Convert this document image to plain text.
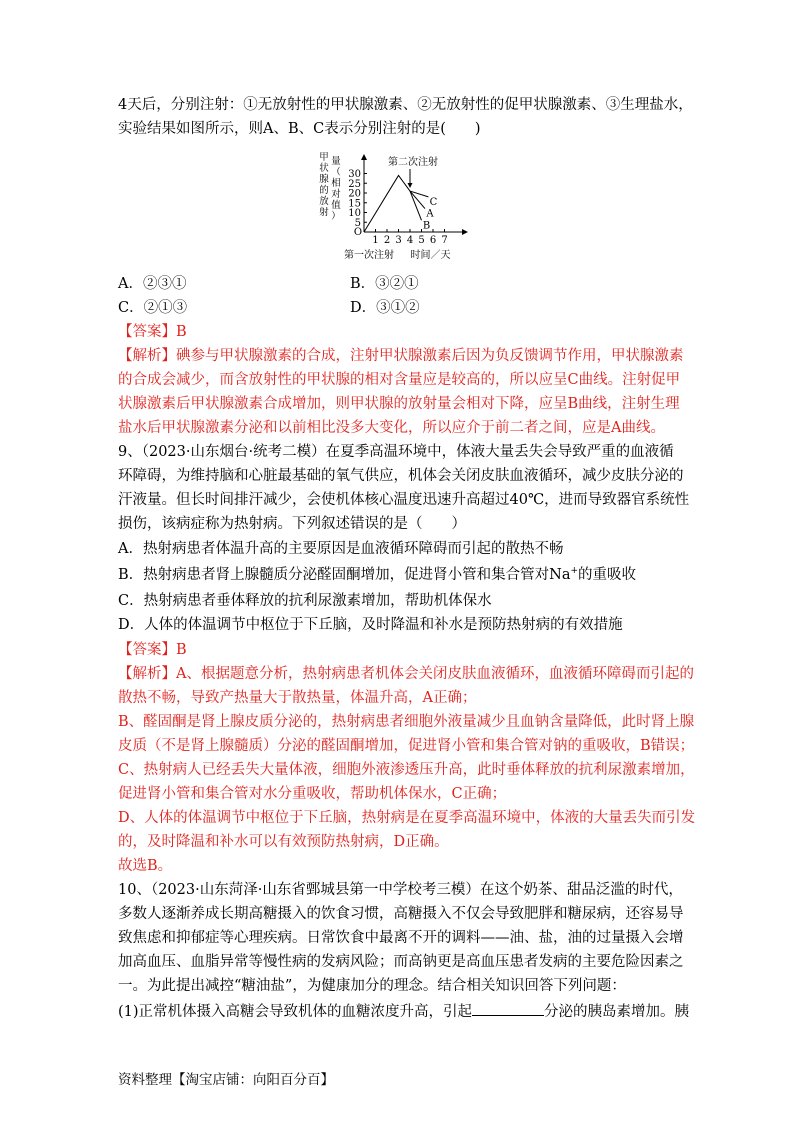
4天后，分别注射：①无放射性的甲状腺激素、②无放射性的促甲状腺激素、③生理盐水，
实验结果如图所示，则A、B、C表示分别注射的是(　　)
5
10
15
20
25
30
1 2 3 4 5 6 7
O
甲
状
腺
的
放
射
量
（
相
对
值
）	A
B
C
第二次注射
第一次注射 时间／天
A．②③①	B．③②①
C．②①③	D．③①②
【答案】B
【解析】碘参与甲状腺激素的合成，注射甲状腺激素后因为负反馈调节作用，甲状腺激素
的合成会减少，而含放射性的甲状腺的相对含量应是较高的，所以应呈C曲线。注射促甲
状腺激素后甲状腺激素合成增加，则甲状腺的放射量会相对下降，应呈B曲线，注射生理
盐水后甲状腺激素分泌和以前相比没多大变化，所以应介于前二者之间，应是A曲线。
9、（2023·山东烟台·统考二模）在夏季高温环境中，体液大量丢失会导致严重的血液循
环障碍，为维持脑和心脏最基础的氧气供应，机体会关闭皮肤血液循环，减少皮肤分泌的
汗液量。但长时间排汗减少，会使机体核心温度迅速升高超过40℃，进而导致器官系统性
损伤，该病症称为热射病。下列叙述错误的是（　　）
A．热射病患者体温升高的主要原因是血液循环障碍而引起的散热不畅
B．热射病患者肾上腺髓质分泌醛固酮增加，促进肾小管和集合管对Na+的重吸收
C．热射病患者垂体释放的抗利尿激素增加，帮助机体保水
D．人体的体温调节中枢位于下丘脑，及时降温和补水是预防热射病的有效措施
【答案】B
【解析】A、根据题意分析，热射病患者机体会关闭皮肤血液循环，血液循环障碍而引起的
散热不畅，导致产热量大于散热量，体温升高，A正确；
B、醛固酮是肾上腺皮质分泌的，热射病患者细胞外液量减少且血钠含量降低，此时肾上腺
皮质（不是肾上腺髓质）分泌的醛固酮增加，促进肾小管和集合管对钠的重吸收，B错误；
C、热射病人已经丢失大量体液，细胞外液渗透压升高，此时垂体释放的抗利尿激素增加，
促进肾小管和集合管对水分重吸收，帮助机体保水，C正确；
D、人体的体温调节中枢位于下丘脑，热射病是在夏季高温环境中，体液的大量丢失而引发
的，及时降温和补水可以有效预防热射病，D正确。
故选B。
10、（2023·山东菏泽·山东省鄄城县第一中学校考三模）在这个奶茶、甜品泛滥的时代，
多数人逐渐养成长期高糖摄入的饮食习惯，高糖摄入不仅会导致肥胖和糖尿病，还容易导
致焦虑和抑郁症等心理疾病。日常饮食中最离不开的调料——油、盐，油的过量摄入会增
加高血压、血脂异常等慢性病的发病风险；而高钠更是高血压患者发病的主要危险因素之
一。为此提出减控“糖油盐”，为健康加分的理念。结合相关知识回答下列问题：
(1)正常机体摄入高糖会导致机体的血糖浓度升高，引起	分泌的胰岛素增加。胰
资料整理【淘宝店铺：向阳百分百】
